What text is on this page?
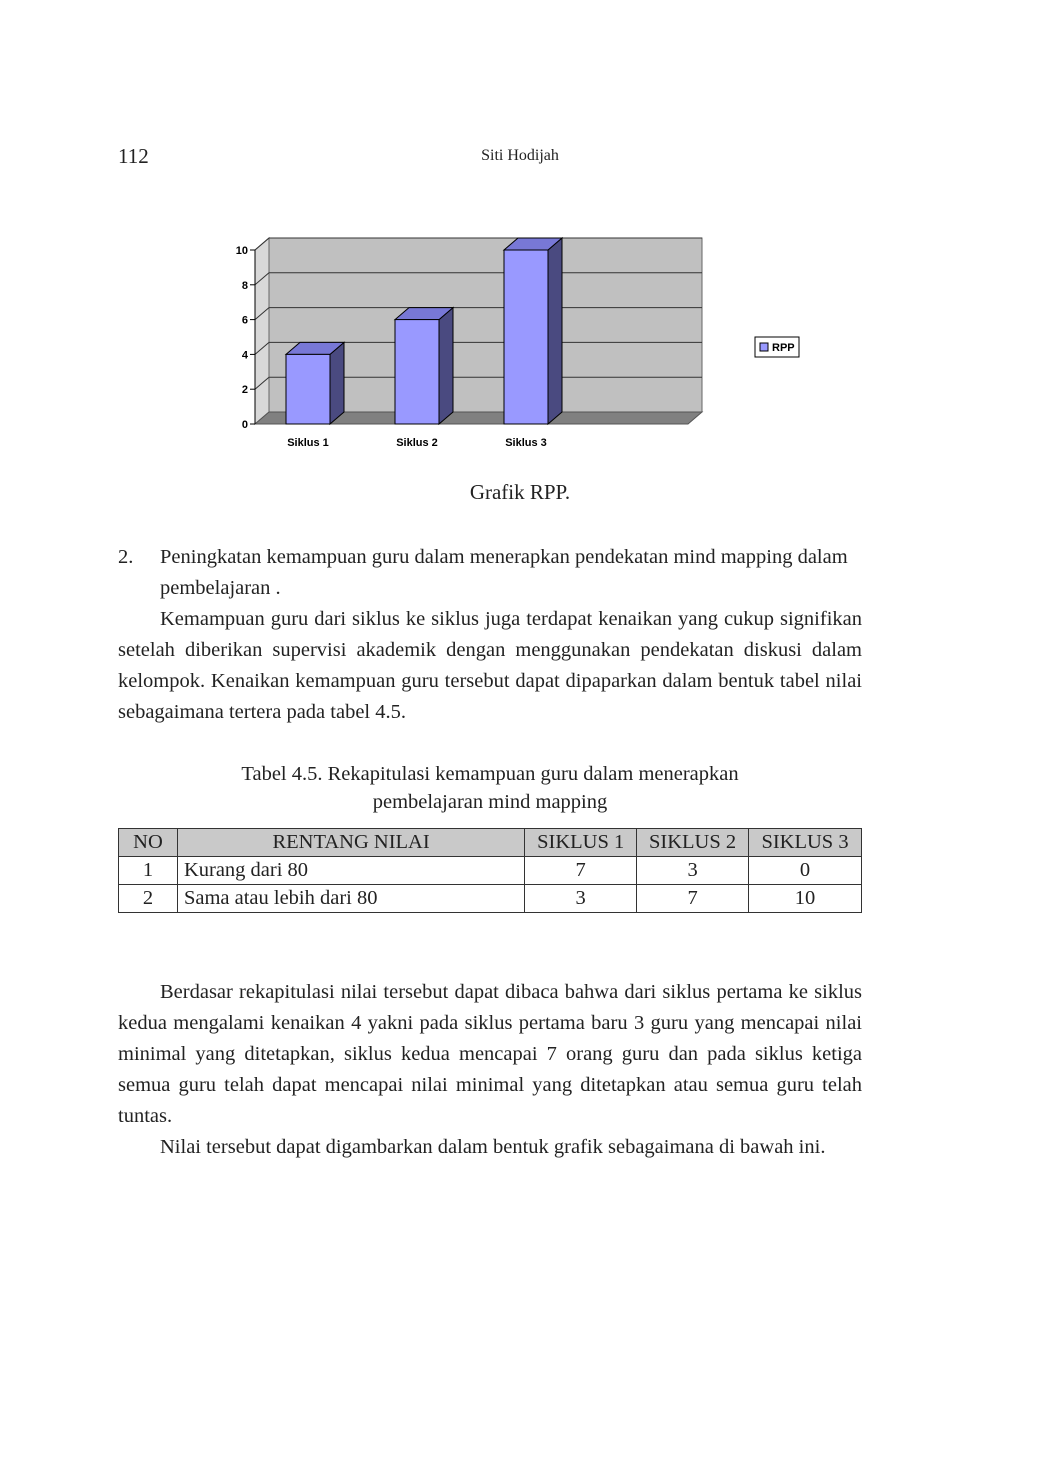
112	Siti Hodijah
0
2
4
6
8
10
Siklus 1	Siklus 2	Siklus 3
RPP
Grafik RPP.
2. Peningkatan kemampuan guru dalam menerapkan pendekatan mind mapping dalam pembelajaran .

Kemampuan guru dari siklus ke siklus juga terdapat kenaikan yang cukup signifikan setelah diberikan supervisi akademik dengan menggunakan pendekatan diskusi dalam kelompok. Kenaikan kemampuan guru tersebut dapat dipaparkan dalam bentuk tabel nilai sebagaimana tertera pada tabel 4.5.

Tabel 4.5. Rekapitulasi kemampuan guru dalam menerapkan
pembelajaran mind mapping
NO	RENTANG NILAI	SIKLUS 1	SIKLUS 2	SIKLUS 3
1	Kurang dari 80	7	3	0
2	Sama atau lebih dari 80	3	7	10

Berdasar rekapitulasi nilai tersebut dapat dibaca bahwa dari siklus pertama ke siklus kedua mengalami kenaikan 4 yakni pada siklus pertama baru 3 guru yang mencapai nilai minimal yang ditetapkan, siklus kedua mencapai 7 orang guru dan pada siklus ketiga semua guru telah dapat mencapai nilai minimal yang ditetapkan atau semua guru telah tuntas.

Nilai tersebut dapat digambarkan dalam bentuk grafik sebagaimana di bawah ini.
